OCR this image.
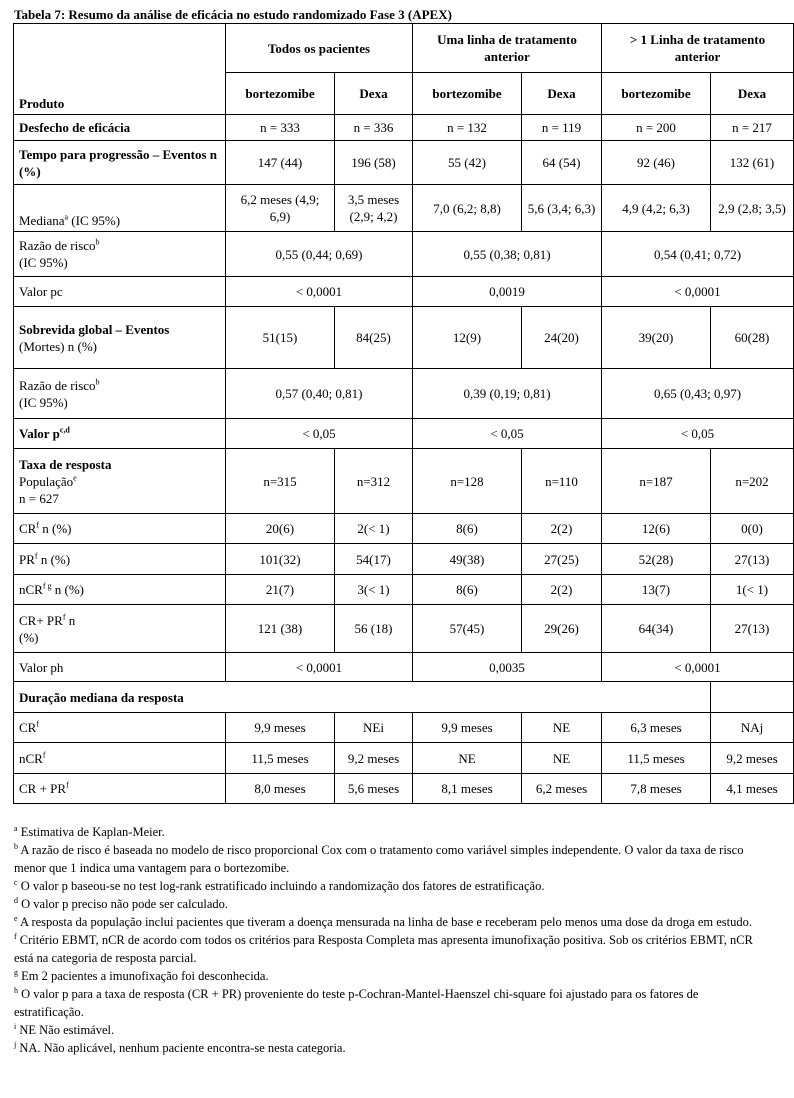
Tabela 7: Resumo da análise de eficácia no estudo randomizado Fase 3 (APEX)
Produto	Todos os pacientes		Uma linha de tratamento anterior		> 1 Linha de tratamento anterior	
	bortezomibe	Dexa	bortezomibe	Dexa	bortezomibe	Dexa
Desfecho de eficácia	n = 333	n = 336	n = 132	n = 119	n = 200	n = 217
Tempo para progressão – Eventos n (%)	147 (44)	196 (58)	55 (42)	64 (54)	92 (46)	132 (61)
Mediana$^a$ (IC 95%)	6,2 meses (4,9; 6,9)	3,5 meses (2,9; 4,2)	7,0 (6,2; 8,8)	5,6 (3,4; 6,3)	4,9 (4,2; 6,3)	2,9 (2,8; 3,5)
Razão de risco$^b$
(IC 95%)	0,55 (0,44; 0,69)		0,55 (0,38; 0,81)		0,54 (0,41; 0,72)	
Valor pc	< 0,0001		0,0019		< 0,0001	
Sobrevida global – Eventos
(Mortes) n (%)	51(15)	84(25)	12(9)	24(20)	39(20)	60(28)
Razão de risco$^b$
(IC 95%)	0,57 (0,40; 0,81)		0,39 (0,19; 0,81)		0,65 (0,43; 0,97)	
Valor $p^{c,d}$	< 0,05		< 0,05		< 0,05	
Taxa de resposta
População$^e$
n = 627	n=315	n=312	n=128	n=110	n=187	n=202
$CR^f$ n (%)	20(6)	2(< 1)	8(6)	2(2)	12(6)	0(0)
$PR^f$ n (%)	101(32)	54(17)	49(38)	27(25)	52(28)	27(13)
nCR$^{f g}$ n (%)	21(7)	3(< 1)	8(6)	2(2)	13(7)	1(< 1)
$CR+ PR^f$ n
(%)	121 (38)	56 (18)	57(45)	29(26)	64(34)	27(13)
Valor ph	< 0,0001		0,0035		< 0,0001	
Duração mediana da resposta						
$CR^f$	9,9 meses	NEi	9,9 meses	NE	6,3 meses	NAj
nCR$^f$	11,5 meses	9,2 meses	NE	NE	11,5 meses	9,2 meses
CR + $PR^f$	8,0 meses	5,6 meses	8,1 meses	6,2 meses	7,8 meses	4,1 meses

$^a$ Estimativa de Kaplan-Meier.

$^b$ A razão de risco é baseada no modelo de risco proporcional Cox com o tratamento como variável simples independente. O valor da taxa de risco menor que 1 indica uma vantagem para o bortezomibe.

$^c$ O valor p baseou-se no test log-rank estratificado incluindo a randomização dos fatores de estratificação.

$^d$ O valor p preciso não pode ser calculado.

$^e$ A resposta da população inclui pacientes que tiveram a doença mensurada na linha de base e receberam pelo menos uma dose da droga em estudo.

$^f$ Critério EBMT, nCR de acordo com todos os critérios para Resposta Completa mas apresenta imunofixação positiva. Sob os critérios EBMT, nCR está na categoria de resposta parcial.

$^g$ Em 2 pacientes a imunofixação foi desconhecida.

$^h$ O valor p para a taxa de resposta (CR + PR) proveniente do teste p-Cochran-Mantel-Haenszel chi-square foi ajustado para os fatores de estratificação.

$^i$ NE Não estimável.

$^j$ NA. Não aplicável, nenhum paciente encontra-se nesta categoria.
